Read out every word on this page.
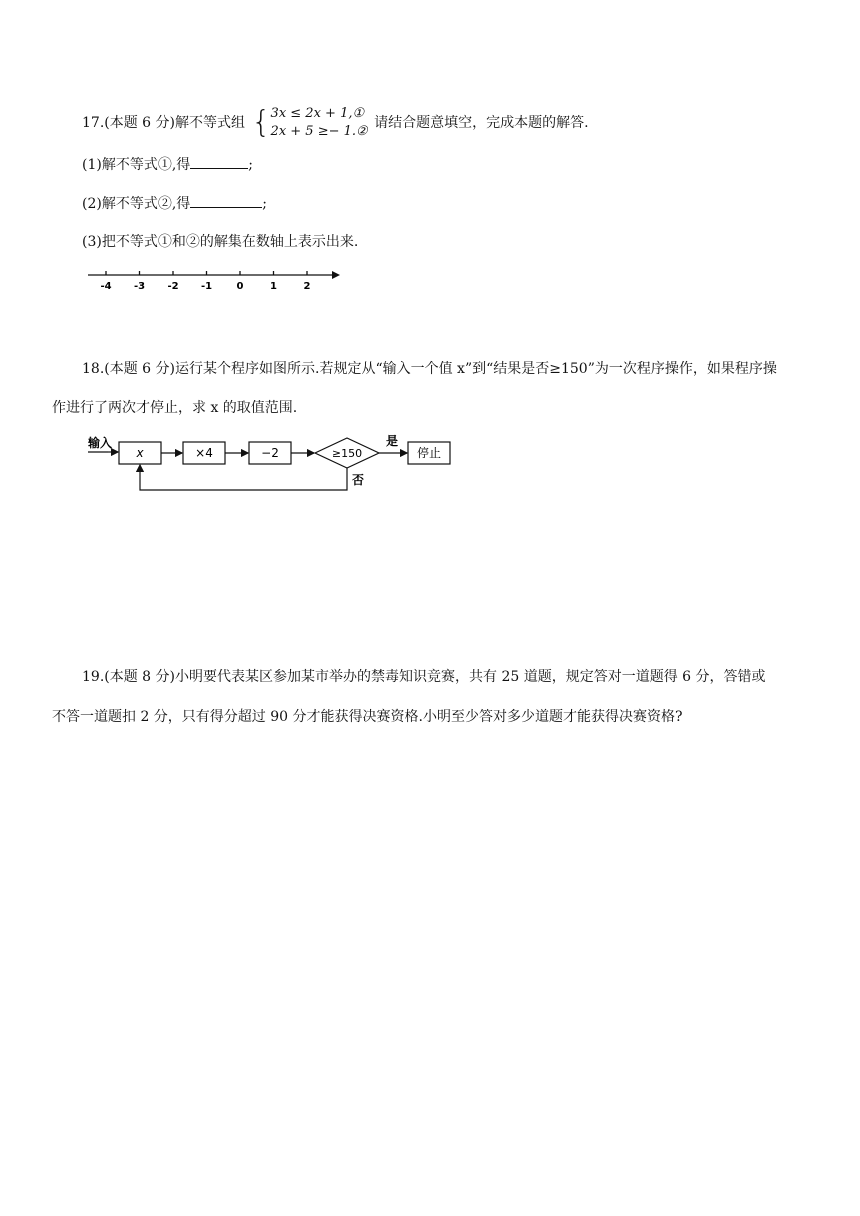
17.(本题 6 分)解不等式组 { 3x ≤ 2x + 1,①
2x + 5 ≥− 1.②
请结合题意填空，完成本题的解答.
(1)解不等式①,得	;
(2)解不等式②,得	;
(3)把不等式①和②的解集在数轴上表示出来.
-4 -3 -2 -1 0	1	2
18.(本题 6 分)运行某个程序如图所示.若规定从“输入一个值 x”到“结果是否≥150”为一次程序操作，如果程序操
作进行了两次才停止，求 x 的取值范围.
输入
x	×4	−2	≥150
是
停止
否
19.(本题 8 分)小明要代表某区参加某市举办的禁毒知识竞赛，共有 25 道题，规定答对一道题得 6 分，答错或
不答一道题扣 2 分，只有得分超过 90 分才能获得决赛资格.小明至少答对多少道题才能获得决赛资格?
